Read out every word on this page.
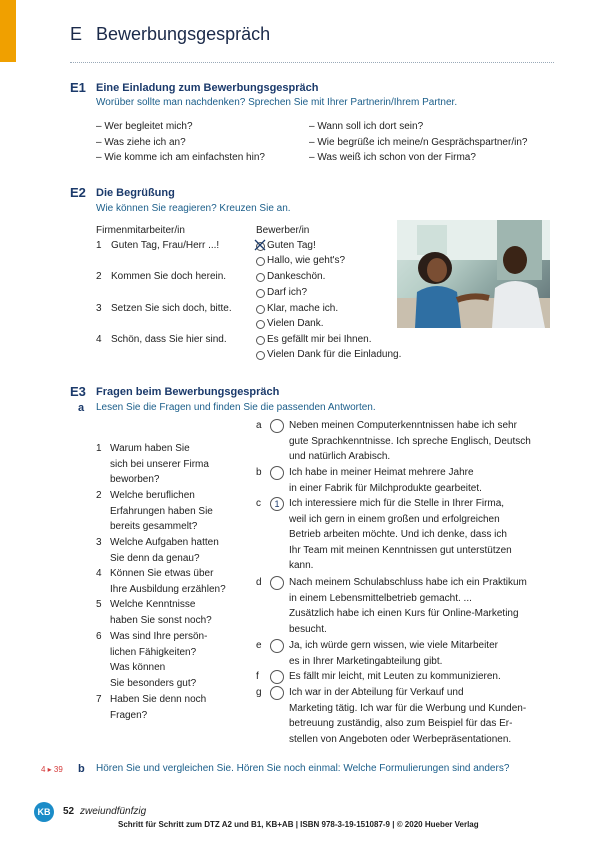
E Bewerbungsgespräch
E1 Eine Einladung zum Bewerbungsgespräch
Worüber sollte man nachdenken? Sprechen Sie mit Ihrer Partnerin/Ihrem Partner.
– Wer begleitet mich?
– Was ziehe ich an?
– Wie komme ich am einfachsten hin?
– Wann soll ich dort sein?
– Wie begrüße ich meine/n Gesprächspartner/in?
– Was weiß ich schon von der Firma?
E2 Die Begrüßung
Wie können Sie reagieren? Kreuzen Sie an.
Firmenmitarbeiter/in	Bewerber/in
1 Guten Tag, Frau/Herr ...!
2 Kommen Sie doch herein.
3 Setzen Sie sich doch, bitte.
4 Schön, dass Sie hier sind.
Guten Tag!
Hallo, wie geht's?
Dankeschön.
Darf ich?
Klar, mache ich.
Vielen Dank.
Es gefällt mir bei Ihnen.
Vielen Dank für die Einladung.
E3 Fragen beim Bewerbungsgespräch
a Lesen Sie die Fragen und finden Sie die passenden Antworten.
1 Warum haben Sie
sich bei unserer Firma
beworben?
2 Welche beruflichen
Erfahrungen haben Sie
bereits gesammelt?
3 Welche Aufgaben hatten
Sie denn da genau?
4 Können Sie etwas über
Ihre Ausbildung erzählen?
5 Welche Kenntnisse
haben Sie sonst noch?
6 Was sind Ihre persön-
lichen Fähigkeiten?
Was können
Sie besonders gut?
7 Haben Sie denn noch
Fragen?
a	Neben meinen Computerkenntnissen habe ich sehr
gute Sprachkenntnisse. Ich spreche Englisch, Deutsch
und natürlich Arabisch.
b	Ich habe in meiner Heimat mehrere Jahre
in einer Fabrik für Milchprodukte gearbeitet.
c	1 Ich interessiere mich für die Stelle in Ihrer Firma,
weil ich gern in einem großen und erfolgreichen
Betrieb arbeiten möchte. Und ich denke, dass ich
Ihr Team mit meinen Kenntnissen gut unterstützen
kann.
d	Nach meinem Schulabschluss habe ich ein Praktikum
in einem Lebensmittelbetrieb gemacht. ...
Zusätzlich habe ich einen Kurs für Online-Marketing
besucht.
e	Ja, ich würde gern wissen, wie viele Mitarbeiter
es in Ihrer Marketingabteilung gibt.
f	Es fällt mir leicht, mit Leuten zu kommunizieren.
g	Ich war in der Abteilung für Verkauf und
Marketing tätig. Ich war für die Werbung und Kunden-
betreuung zuständig, also zum Beispiel für das Er-
stellen von Angeboten oder Werbepräsentationen.
4 ▸ 39 b Hören Sie und vergleichen Sie. Hören Sie noch einmal: Welche Formulierungen sind anders?
KB	52 zweiundfünfzig
Schritt für Schritt zum DTZ A2 und B1, KB+AB | ISBN 978-3-19-151087-9 | © 2020 Hueber Verlag
